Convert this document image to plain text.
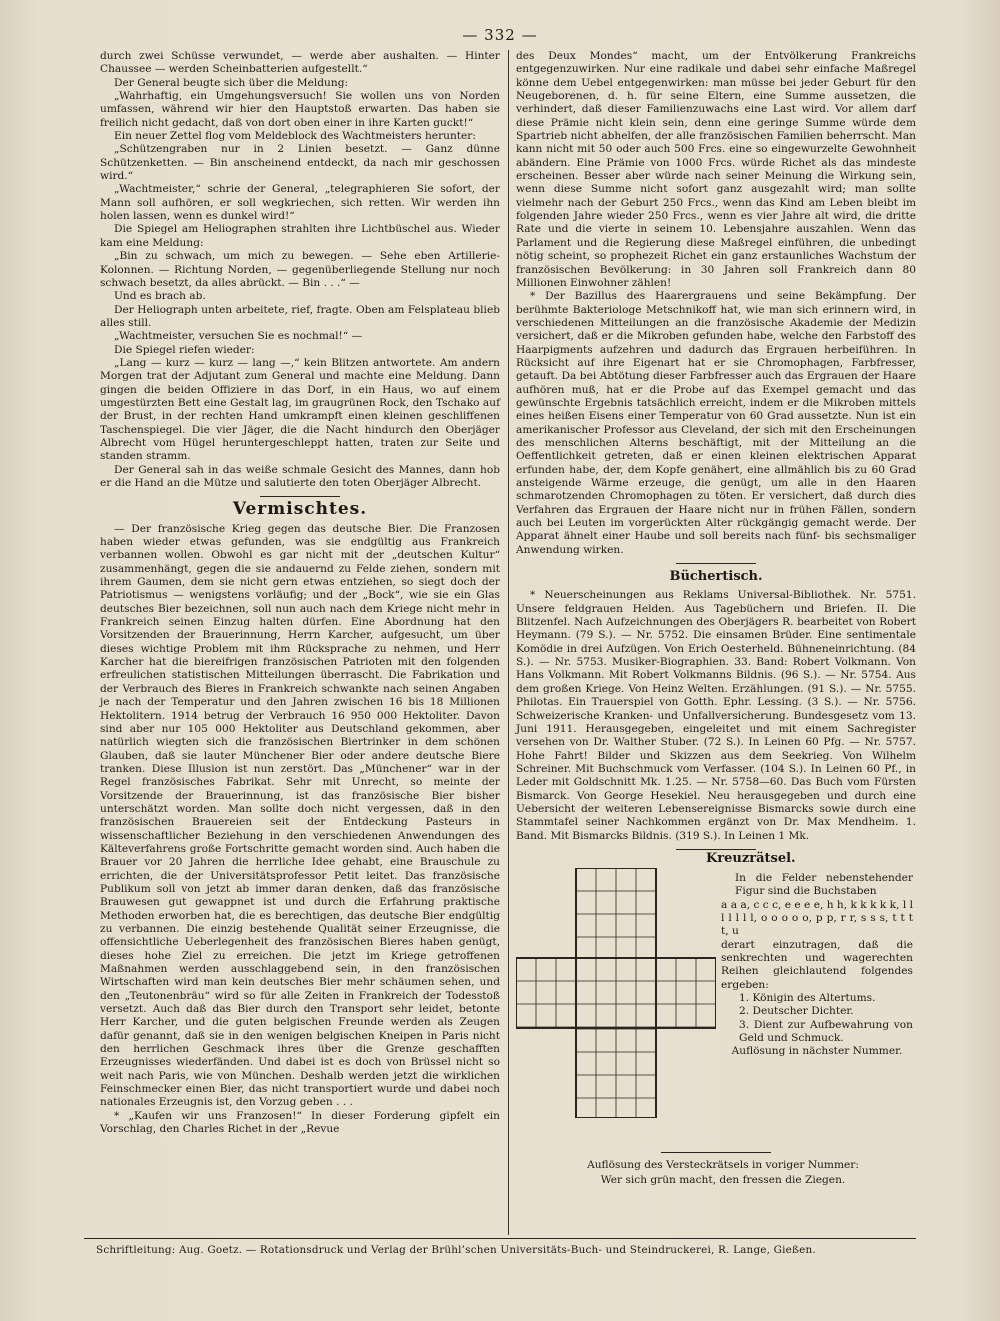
— 332 —

durch zwei Schüsse verwundet, — werde aber aushalten. — Hinter Chaussee — werden Scheinbatterien aufgestellt.“

Der General beugte sich über die Meldung:

„Wahrhaftig, ein Umgehungsversuch! Sie wollen uns von Norden umfassen, während wir hier den Hauptstoß erwarten. Das haben sie freilich nicht gedacht, daß von dort oben einer in ihre Karten guckt!“

Ein neuer Zettel flog vom Meldeblock des Wachtmeisters herunter:

„Schützengraben nur in 2 Linien besetzt. — Ganz dünne Schützenketten. — Bin anscheinend entdeckt, da nach mir geschossen wird.“

„Wachtmeister,“ schrie der General, „telegraphieren Sie sofort, der Mann soll aufhören, er soll wegkriechen, sich retten. Wir werden ihn holen lassen, wenn es dunkel wird!“

Die Spiegel am Heliographen strahlten ihre Lichtbüschel aus. Wieder kam eine Meldung:

„Bin zu schwach, um mich zu bewegen. — Sehe eben Artillerie-Kolonnen. — Richtung Norden, — gegenüberliegende Stellung nur noch schwach besetzt, da alles abrückt. — Bin . . .“ —

Und es brach ab.

Der Heliograph unten arbeitete, rief, fragte. Oben am Felsplateau blieb alles still.

„Wachtmeister, versuchen Sie es nochmal!“ —

Die Spiegel riefen wieder:

„Lang — kurz — kurz — lang —,“ kein Blitzen antwortete. Am andern Morgen trat der Adjutant zum General und machte eine Meldung. Dann gingen die beiden Offiziere in das Dorf, in ein Haus, wo auf einem umgestürzten Bett eine Gestalt lag, im graugrünen Rock, den Tschako auf der Brust, in der rechten Hand umkrampft einen kleinen geschliffenen Taschenspiegel. Die vier Jäger, die die Nacht hindurch den Oberjäger Albrecht vom Hügel heruntergeschleppt hatten, traten zur Seite und standen stramm.

Der General sah in das weiße schmale Gesicht des Mannes, dann hob er die Hand an die Mütze und salutierte den toten Oberjäger Albrecht.

Vermischtes.

— Der französische Krieg gegen das deutsche Bier. Die Franzosen haben wieder etwas gefunden, was sie endgültig aus Frankreich verbannen wollen. Obwohl es gar nicht mit der „deutschen Kultur“ zusammenhängt, gegen die sie andauernd zu Felde ziehen, sondern mit ihrem Gaumen, dem sie nicht gern etwas entziehen, so siegt doch der Patriotismus — wenigstens vorläufig; und der „Bock“, wie sie ein Glas deutsches Bier bezeichnen, soll nun auch nach dem Kriege nicht mehr in Frankreich seinen Einzug halten dürfen. Eine Abordnung hat den Vorsitzenden der Brauerinnung, Herrn Karcher, aufgesucht, um über dieses wichtige Problem mit ihm Rücksprache zu nehmen, und Herr Karcher hat die biereifrigen französischen Patrioten mit den folgenden erfreulichen statistischen Mitteilungen überrascht. Die Fabrikation und der Verbrauch des Bieres in Frankreich schwankte nach seinen Angaben je nach der Temperatur und den Jahren zwischen 16 bis 18 Millionen Hektolitern. 1914 betrug der Verbrauch 16 950 000 Hektoliter. Davon sind aber nur 105 000 Hektoliter aus Deutschland gekommen, aber natürlich wiegten sich die französischen Biertrinker in dem schönen Glauben, daß sie lauter Münchener Bier oder andere deutsche Biere tranken. Diese Illusion ist nun zerstört. Das „Münchener“ war in der Regel französisches Fabrikat. Sehr mit Unrecht, so meinte der Vorsitzende der Brauerinnung, ist das französische Bier bisher unterschätzt worden. Man sollte doch nicht vergessen, daß in den französischen Brauereien seit der Entdeckung Pasteurs in wissenschaftlicher Beziehung in den verschiedenen Anwendungen des Kälteverfahrens große Fortschritte gemacht worden sind. Auch haben die Brauer vor 20 Jahren die herrliche Idee gehabt, eine Brauschule zu errichten, die der Universitätsprofessor Petit leitet. Das französische Publikum soll von jetzt ab immer daran denken, daß das französische Brauwesen gut gewappnet ist und durch die Erfahrung praktische Methoden erworben hat, die es berechtigen, das deutsche Bier endgültig zu verbannen. Die einzig bestehende Qualität seiner Erzeugnisse, die offensichtliche Ueberlegenheit des französischen Bieres haben genügt, dieses hohe Ziel zu erreichen. Die jetzt im Kriege getroffenen Maßnahmen werden ausschlaggebend sein, in den französischen Wirtschaften wird man kein deutsches Bier mehr schäumen sehen, und den „Teutonenbräu“ wird so für alle Zeiten in Frankreich der Todesstoß versetzt. Auch daß das Bier durch den Transport sehr leidet, betonte Herr Karcher, und die guten belgischen Freunde werden als Zeugen dafür genannt, daß sie in den wenigen belgischen Kneipen in Paris nicht den herrlichen Geschmack ihres über die Grenze geschafften Erzeugnisses wiederfänden. Und dabei ist es doch von Brüssel nicht so weit nach Paris, wie von München. Deshalb werden jetzt die wirklichen Feinschmecker einen Bier, das nicht transportiert wurde und dabei noch nationales Erzeugnis ist, den Vorzug geben . . .

* „Kaufen wir uns Franzosen!“ In dieser Forderung gipfelt ein Vorschlag, den Charles Richet in der „Revue

des Deux Mondes“ macht, um der Entvölkerung Frankreichs entgegenzuwirken. Nur eine radikale und dabei sehr einfache Maßregel könne dem Uebel entgegenwirken: man müsse bei jeder Geburt für den Neugeborenen, d. h. für seine Eltern, eine Summe aussetzen, die verhindert, daß dieser Familienzuwachs eine Last wird. Vor allem darf diese Prämie nicht klein sein, denn eine geringe Summe würde dem Spartrieb nicht abhelfen, der alle französischen Familien beherrscht. Man kann nicht mit 50 oder auch 500 Frcs. eine so eingewurzelte Gewohnheit abändern. Eine Prämie von 1000 Frcs. würde Richet als das mindeste erscheinen. Besser aber würde nach seiner Meinung die Wirkung sein, wenn diese Summe nicht sofort ganz ausgezahlt wird; man sollte vielmehr nach der Geburt 250 Frcs., wenn das Kind am Leben bleibt im folgenden Jahre wieder 250 Frcs., wenn es vier Jahre alt wird, die dritte Rate und die vierte in seinem 10. Lebensjahre auszahlen. Wenn das Parlament und die Regierung diese Maßregel einführen, die unbedingt nötig scheint, so prophezeit Richet ein ganz erstaunliches Wachstum der französischen Bevölkerung: in 30 Jahren soll Frankreich dann 80 Millionen Einwohner zählen!

* Der Bazillus des Haarergrauens und seine Bekämpfung. Der berühmte Bakteriologe Metschnikoff hat, wie man sich erinnern wird, in verschiedenen Mitteilungen an die französische Akademie der Medizin versichert, daß er die Mikroben gefunden habe, welche den Farbstoff des Haarpigments aufzehren und dadurch das Ergrauen herbeiführen. In Rücksicht auf ihre Eigenart hat er sie Chromophagen, Farbfresser, getauft. Da bei Abtötung dieser Farbfresser auch das Ergrauen der Haare aufhören muß, hat er die Probe auf das Exempel gemacht und das gewünschte Ergebnis tatsächlich erreicht, indem er die Mikroben mittels eines heißen Eisens einer Temperatur von 60 Grad aussetzte. Nun ist ein amerikanischer Professor aus Cleveland, der sich mit den Erscheinungen des menschlichen Alterns beschäftigt, mit der Mitteilung an die Oeffentlichkeit getreten, daß er einen kleinen elektrischen Apparat erfunden habe, der, dem Kopfe genähert, eine allmählich bis zu 60 Grad ansteigende Wärme erzeuge, die genügt, um alle in den Haaren schmarotzenden Chromophagen zu töten. Er versichert, daß durch dies Verfahren das Ergrauen der Haare nicht nur in frühen Fällen, sondern auch bei Leuten im vorgerückten Alter rückgängig gemacht werde. Der Apparat ähnelt einer Haube und soll bereits nach fünf- bis sechsmaliger Anwendung wirken.

Büchertisch.

* Neuerscheinungen aus Reklams Universal-Bibliothek. Nr. 5751. Unsere feldgrauen Helden. Aus Tagebüchern und Briefen. II. Die Blitzenfel. Nach Aufzeichnungen des Oberjägers R. bearbeitet von Robert Heymann. (79 S.). — Nr. 5752. Die einsamen Brüder. Eine sentimentale Komödie in drei Aufzügen. Von Erich Oesterheld. Bühneneinrichtung. (84 S.). — Nr. 5753. Musiker-Biographien. 33. Band: Robert Volkmann. Von Hans Volkmann. Mit Robert Volkmanns Bildnis. (96 S.). — Nr. 5754. Aus dem großen Kriege. Von Heinz Welten. Erzählungen. (91 S.). — Nr. 5755. Philotas. Ein Trauerspiel von Gotth. Ephr. Lessing. (3 S.). — Nr. 5756. Schweizerische Kranken- und Unfallversicherung. Bundesgesetz vom 13. Juni 1911. Herausgegeben, eingeleitet und mit einem Sachregister versehen von Dr. Walther Stuber. (72 S.). In Leinen 60 Pfg. — Nr. 5757. Hohe Fahrt! Bilder und Skizzen aus dem Seekrieg. Von Wilhelm Schreiner. Mit Buchschmuck vom Verfasser. (104 S.). In Leinen 60 Pf., in Leder mit Goldschnitt Mk. 1.25. — Nr. 5758—60. Das Buch vom Fürsten Bismarck. Von George Hesekiel. Neu herausgegeben und durch eine Uebersicht der weiteren Lebensereignisse Bismarcks sowie durch eine Stammtafel seiner Nachkommen ergänzt von Dr. Max Mendheim. 1. Band. Mit Bismarcks Bildnis. (319 S.). In Leinen 1 Mk.

Kreuzrätsel.

In die Felder nebenstehender Figur sind die Buchstaben

a a a, c c c, e e e e, h h, k k k k k, l l l l l l l, o o o o o, p p, r r, s s s, t t t t, u

derart einzutragen, daß die senkrechten und wagerechten Reihen gleichlautend folgendes ergeben:

1. Königin des Altertums.

2. Deutscher Dichter.

3. Dient zur Aufbewahrung von Geld und Schmuck.

Auflösung in nächster Nummer.

Auflösung des Versteckrätsels in voriger Nummer:

Wer sich grün macht, den fressen die Ziegen.

Schriftleitung: Aug. Goetz. — Rotationsdruck und Verlag der Brühl’schen Universitäts-Buch- und Steindruckerei, R. Lange, Gießen.
